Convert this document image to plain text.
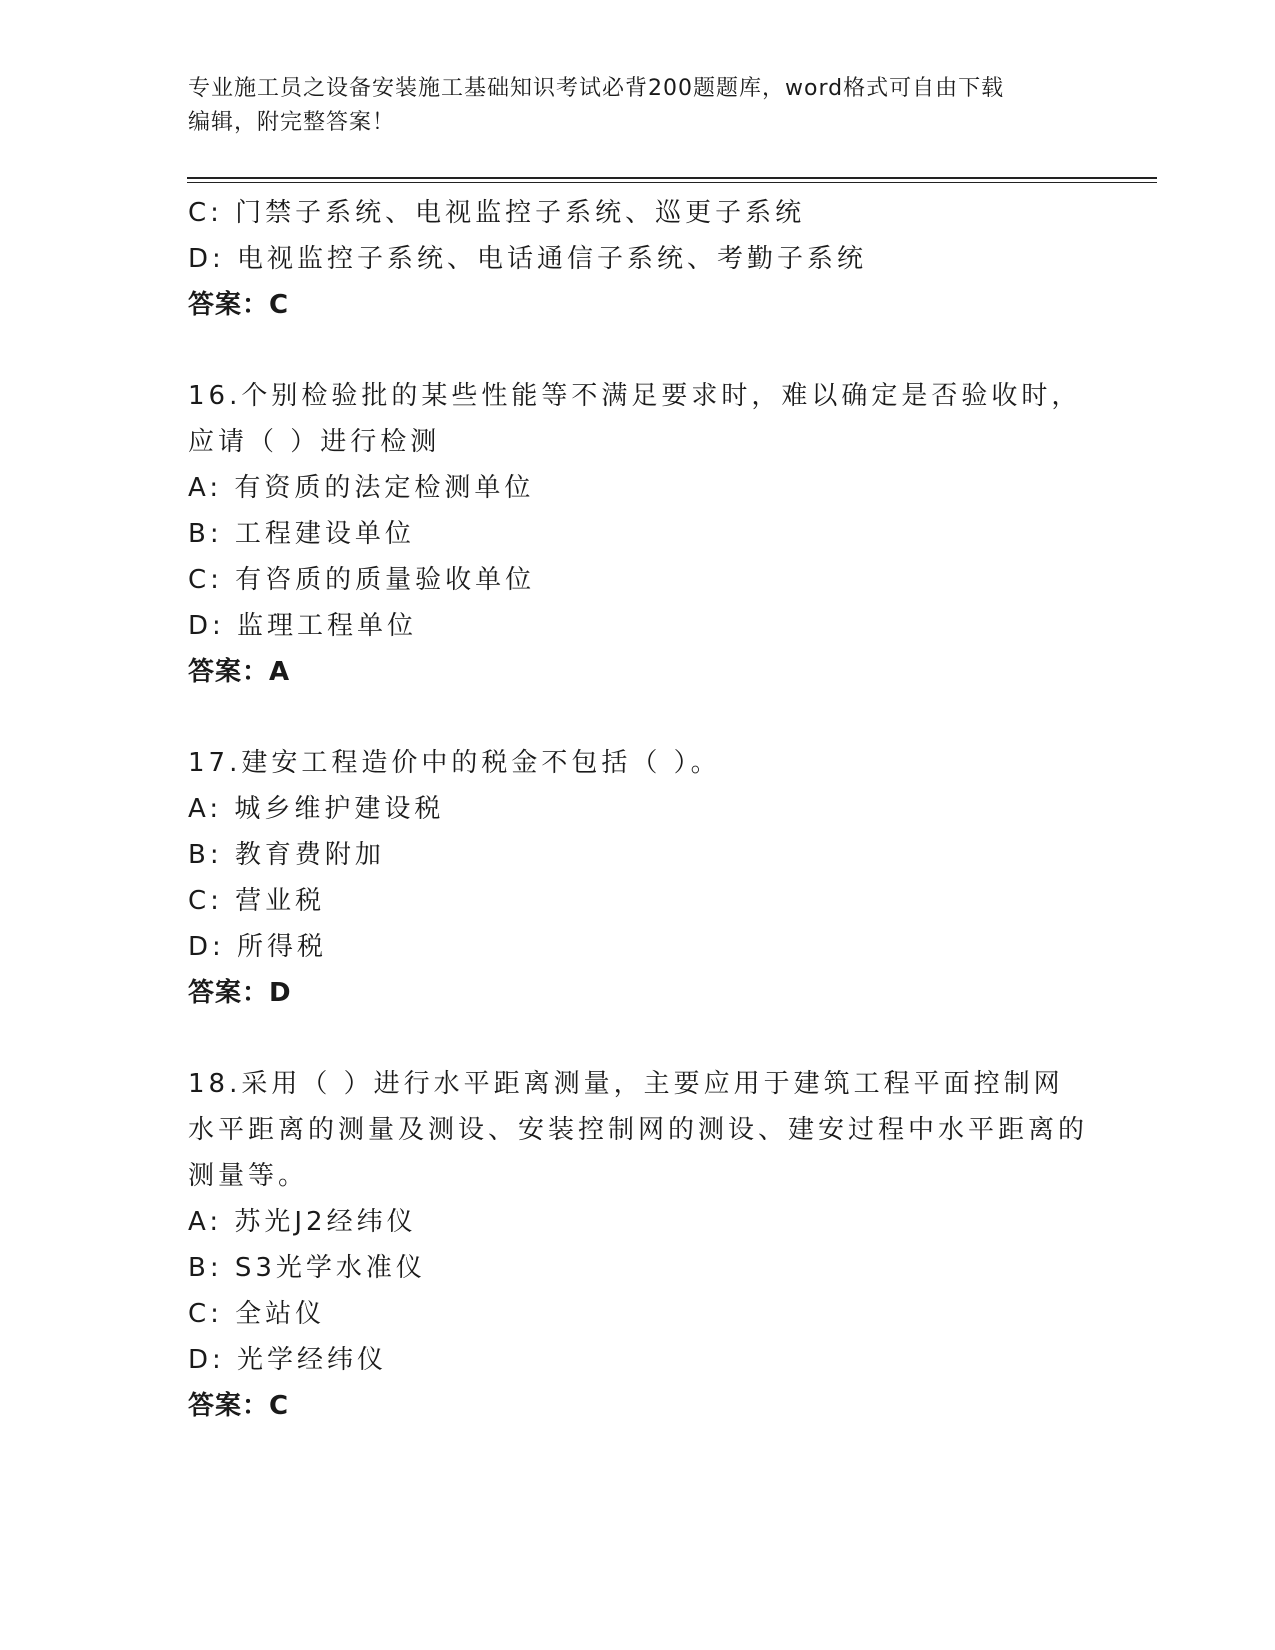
专业施工员之设备安装施工基础知识考试必背200题题库，word格式可自由下载
编辑，附完整答案！
C: 门禁子系统、电视监控子系统、巡更子系统
D: 电视监控子系统、电话通信子系统、考勤子系统
答案：C
16.个别检验批的某些性能等不满足要求时，难以确定是否验收时，应请（ ）进行检测
A: 有资质的法定检测单位
B: 工程建设单位
C: 有咨质的质量验收单位
D: 监理工程单位
答案：A
17.建安工程造价中的税金不包括（ ）。
A: 城乡维护建设税
B: 教育费附加
C: 营业税
D: 所得税
答案：D
18.采用（ ）进行水平距离测量，主要应用于建筑工程平面控制网水平距离的测量及测设、安装控制网的测设、建安过程中水平距离的测量等。
A: 苏光J2经纬仪
B: S3光学水准仪
C: 全站仪
D: 光学经纬仪
答案：C
